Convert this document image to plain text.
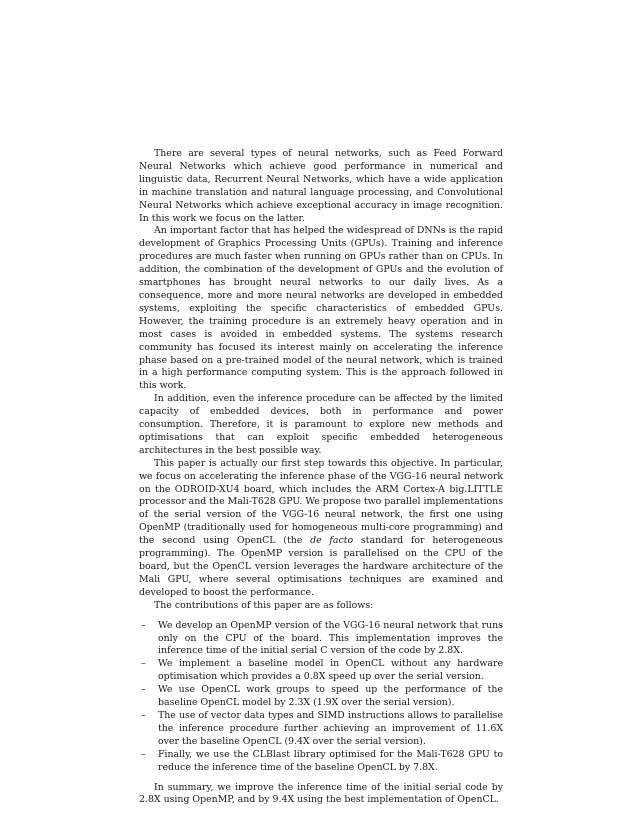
There are several types of neural networks, such as Feed Forward Neural Networks which achieve good performance in numerical and linguistic data, Recurrent Neural Networks, which have a wide application in machine translation and natural language processing, and Convolutional Neural Networks which achieve exceptional accuracy in image recognition. In this work we focus on the latter.

An important factor that has helped the widespread of DNNs is the rapid development of Graphics Processing Units (GPUs). Training and inference procedures are much faster when running on GPUs rather than on CPUs. In addition, the combination of the development of GPUs and the evolution of smartphones has brought neural networks to our daily lives. As a consequence, more and more neural networks are developed in embedded systems, exploiting the specific characteristics of embedded GPUs. However, the training procedure is an extremely heavy operation and in most cases is avoided in embedded systems. The systems research community has focused its interest mainly on accelerating the inference phase based on a pre-trained model of the neural network, which is trained in a high performance computing system. This is the approach followed in this work.

In addition, even the inference procedure can be affected by the limited capacity of embedded devices, both in performance and power consumption. Therefore, it is paramount to explore new methods and optimisations that can exploit specific embedded heterogeneous architectures in the best possible way.

This paper is actually our first step towards this objective. In particular, we focus on accelerating the inference phase of the VGG-16 neural network on the ODROID-XU4 board, which includes the ARM Cortex-A big.LITTLE processor and the Mali-T628 GPU. We propose two parallel implementations of the serial version of the VGG-16 neural network, the first one using OpenMP (traditionally used for homogeneous multi-core programming) and the second using OpenCL (the de facto standard for heterogeneous programming). The OpenMP version is parallelised on the CPU of the board, but the OpenCL version leverages the hardware architecture of the Mali GPU, where several optimisations techniques are examined and developed to boost the performance.

The contributions of this paper are as follows:

– We develop an OpenMP version of the VGG-16 neural network that runs only on the CPU of the board. This implementation improves the inference time of the initial serial C version of the code by 2.8X.
– We implement a baseline model in OpenCL without any hardware optimisation which provides a 0.8X speed up over the serial version.
– We use OpenCL work groups to speed up the performance of the baseline OpenCL model by 2.3X (1.9X over the serial version).
– The use of vector data types and SIMD instructions allows to parallelise the inference procedure further achieving an improvement of 11.6X over the baseline OpenCL (9.4X over the serial version).
– Finally, we use the CLBlast library optimised for the Mali-T628 GPU to reduce the inference time of the baseline OpenCL by 7.8X.

In summary, we improve the inference time of the initial serial code by 2.8X using OpenMP, and by 9.4X using the best implementation of OpenCL.
